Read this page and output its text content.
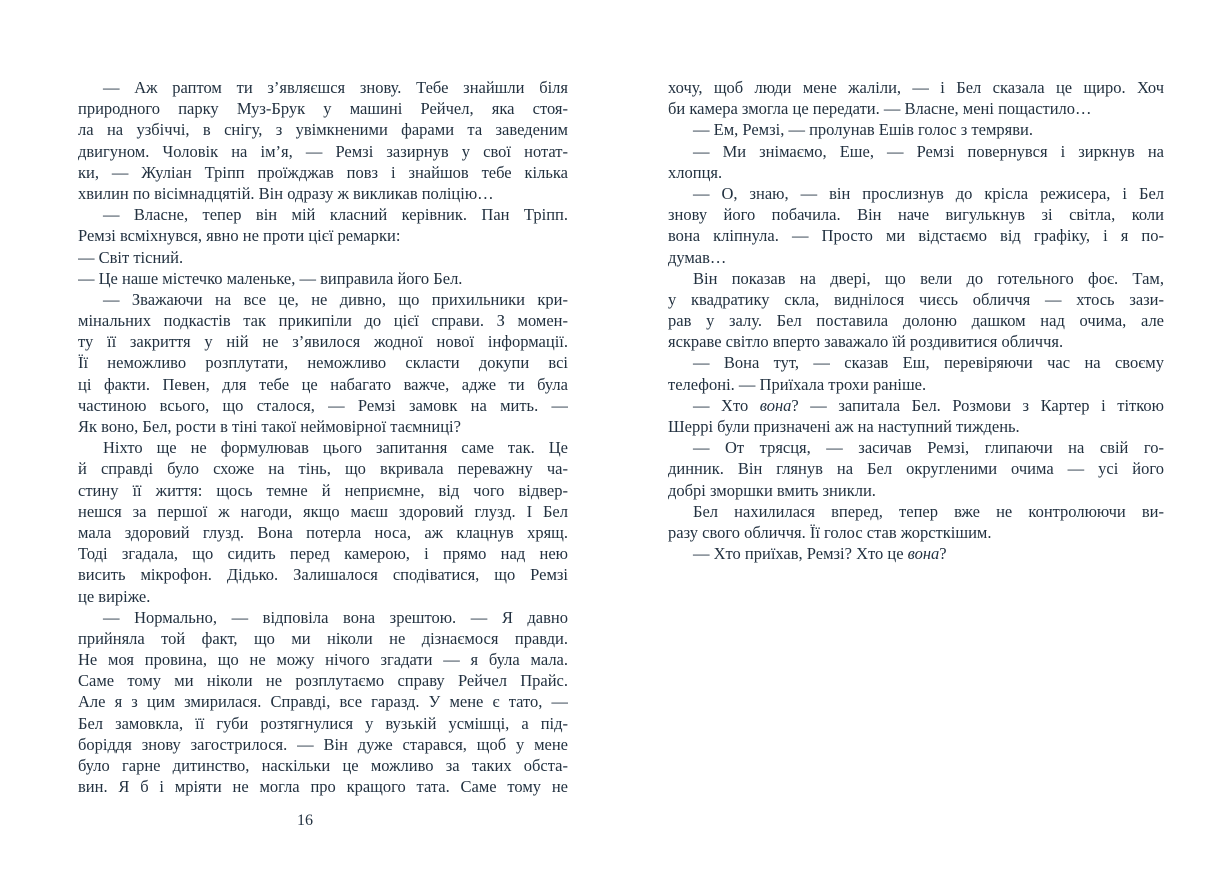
— Аж раптом ти з’являєшся знову. Тебе знайшли біля
природного парку Муз-Брук у машині Рейчел, яка стоя-
ла на узбіччі, в снігу, з увімкненими фарами та заведеним
двигуном. Чоловік на ім’я, — Ремзі зазирнув у свої нотат-
ки, — Жуліан Тріпп проїжджав повз і знайшов тебе кілька
хвилин по вісімнадцятій. Він одразу ж викликав поліцію…
— Власне, тепер він мій класний керівник. Пан Тріпп.
Ремзі всміхнувся, явно не проти цієї ремарки:
— Світ тісний.
— Це наше містечко маленьке, — виправила його Бел.
— Зважаючи на все це, не дивно, що прихильники кри-
мінальних подкастів так прикипіли до цієї справи. З момен-
ту її закриття у ній не з’явилося жодної нової інформації.
Її неможливо розплутати, неможливо скласти докупи всі
ці факти. Певен, для тебе це набагато важче, адже ти була
частиною всього, що сталося, — Ремзі замовк на мить. —
Як воно, Бел, рости в тіні такої неймовірної таємниці?
Ніхто ще не формулював цього запитання саме так. Це
й справді було схоже на тінь, що вкривала переважну ча-
стину її життя: щось темне й неприємне, від чого відвер-
нешся за першої ж нагоди, якщо маєш здоровий глузд. І Бел
мала здоровий глузд. Вона потерла носа, аж клацнув хрящ.
Тоді згадала, що сидить перед камерою, і прямо над нею
висить мікрофон. Дідько. Залишалося сподіватися, що Ремзі
це виріже.
— Нормально, — відповіла вона зрештою. — Я давно
прийняла той факт, що ми ніколи не дізнаємося правди.
Не моя провина, що не можу нічого згадати — я була мала.
Саме тому ми ніколи не розплутаємо справу Рейчел Прайс.
Але я з цим змирилася. Справді, все гаразд. У мене є тато, —
Бел замовкла, її губи розтягнулися у вузькій усмішці, а під-
боріддя знову загострилося. — Він дуже старався, щоб у мене
було гарне дитинство, наскільки це можливо за таких обста-
вин. Я б і мріяти не могла про кращого тата. Саме тому не
хочу, щоб люди мене жаліли, — і Бел сказала це щиро. Хоч
би камера змогла це передати. — Власне, мені пощастило…
— Ем, Ремзі, — пролунав Ешів голос з темряви.
— Ми знімаємо, Еше, — Ремзі повернувся і зиркнув на
хлопця.
— О, знаю, — він прослизнув до крісла режисера, і Бел
знову його побачила. Він наче вигулькнув зі світла, коли
вона кліпнула. — Просто ми відстаємо від графіку, і я по-
думав…
Він показав на двері, що вели до готельного фоє. Там,
у квадратику скла, виднілося чиєсь обличчя — хтось зази-
рав у залу. Бел поставила долоню дашком над очима, але
яскраве світло вперто заважало їй роздивитися обличчя.
— Вона тут, — сказав Еш, перевіряючи час на своєму
телефоні. — Приїхала трохи раніше.
— Хто вона? — запитала Бел. Розмови з Картер і тіткою
Шеррі були призначені аж на наступний тиждень.
— От трясця, — засичав Ремзі, глипаючи на свій го-
динник. Він глянув на Бел округленими очима — усі його
добрі зморшки вмить зникли.
Бел нахилилася вперед, тепер вже не контролюючи ви-
разу свого обличчя. Її голос став жорсткішим.
— Хто приїхав, Ремзі? Хто це вона?
16
